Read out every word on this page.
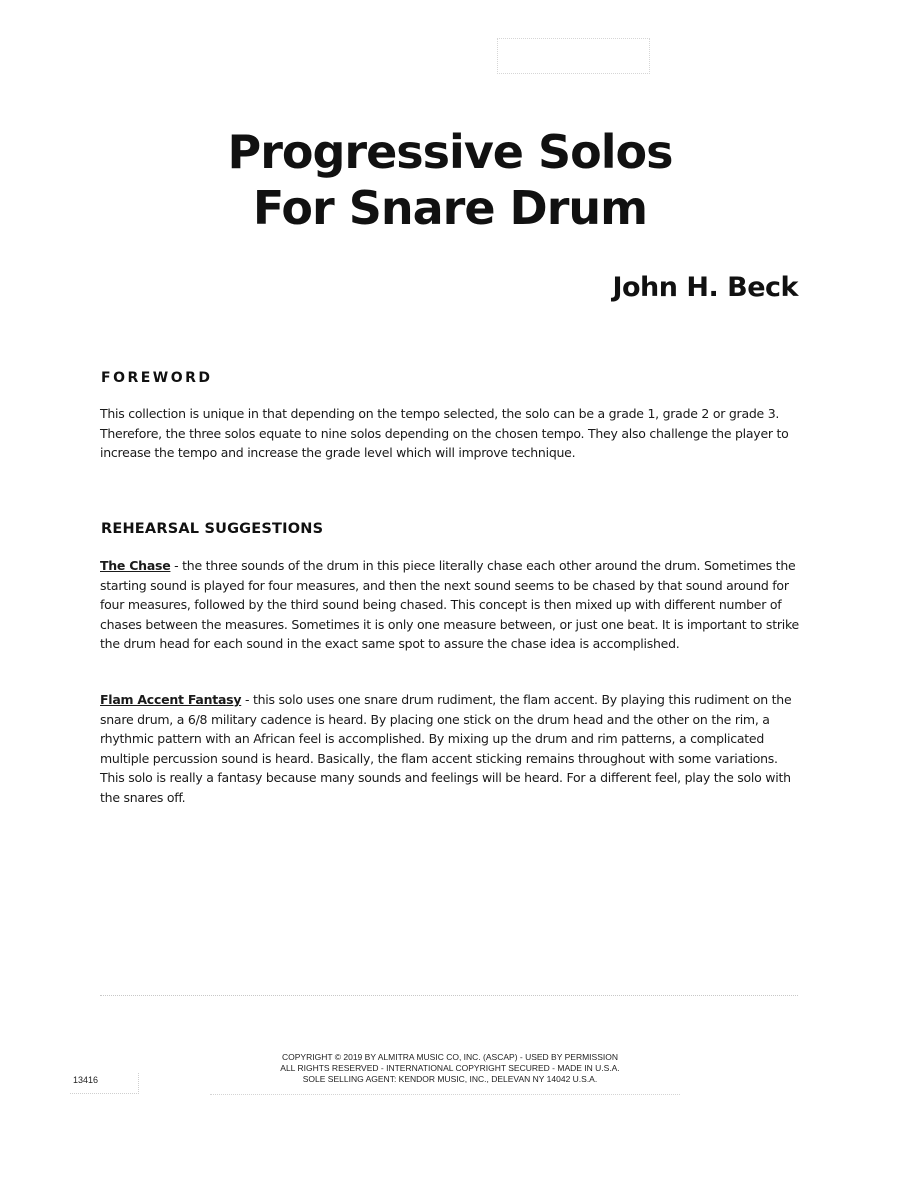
Progressive Solos
For Snare Drum

John H. Beck

FOREWORD

This collection is unique in that depending on the tempo selected, the solo can be a grade 1, grade 2 or grade 3. Therefore, the three solos equate to nine solos depending on the chosen tempo. They also challenge the player to increase the tempo and increase the grade level which will improve technique.

REHEARSAL SUGGESTIONS

The Chase - the three sounds of the drum in this piece literally chase each other around the drum. Sometimes the starting sound is played for four measures, and then the next sound seems to be chased by that sound around for four measures, followed by the third sound being chased. This concept is then mixed up with different number of chases between the measures. Sometimes it is only one measure between, or just one beat. It is important to strike the drum head for each sound in the exact same spot to assure the chase idea is accomplished.

Flam Accent Fantasy - this solo uses one snare drum rudiment, the flam accent. By playing this rudiment on the snare drum, a 6/8 military cadence is heard. By placing one stick on the drum head and the other on the rim, a rhythmic pattern with an African feel is accomplished. By mixing up the drum and rim patterns, a complicated multiple percussion sound is heard. Basically, the flam accent sticking remains throughout with some variations. This solo is really a fantasy because many sounds and feelings will be heard. For a different feel, play the solo with the snares off.

COPYRIGHT © 2019 BY ALMITRA MUSIC CO, INC. (ASCAP) - USED BY PERMISSION
ALL RIGHTS RESERVED - INTERNATIONAL COPYRIGHT SECURED - MADE IN U.S.A.
SOLE SELLING AGENT: KENDOR MUSIC, INC., DELEVAN NY 14042 U.S.A.

13416
